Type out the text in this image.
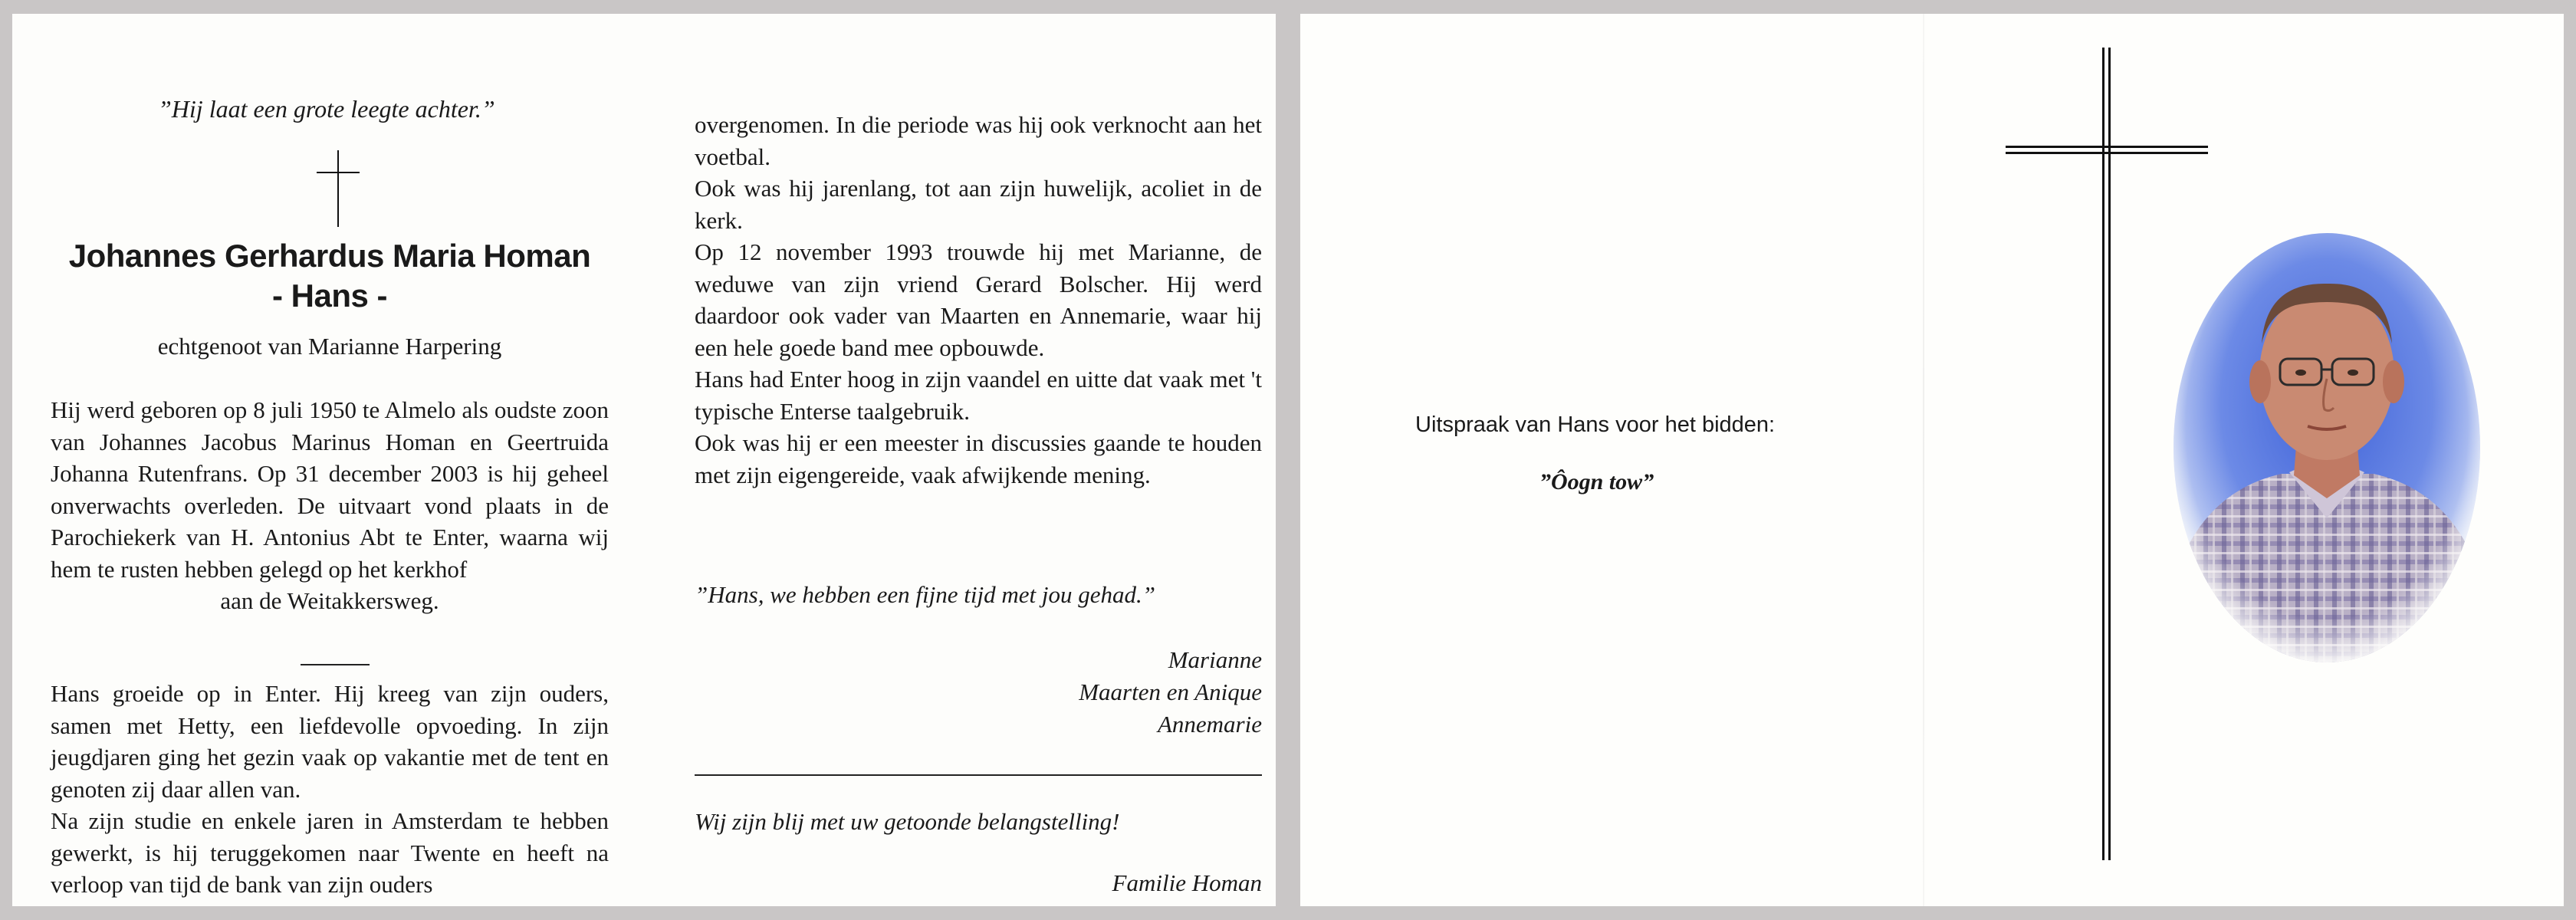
”Hij laat een grote leegte achter.”
Johannes Gerhardus Maria Homan
- Hans -
echtgenoot van Marianne Harpering

Hij werd geboren op 8 juli 1950 te Almelo als oudste zoon van Johannes Jacobus Marinus Homan en Geertruida Johanna Rutenfrans. Op 31 december 2003 is hij geheel onverwachts overleden. De uitvaart vond plaats in de Parochiekerk van H. Antonius Abt te Enter, waarna wij hem te rusten hebben gelegd op het kerkhof

aan de Weitakkersweg.

Hans groeide op in Enter. Hij kreeg van zijn ouders, samen met Hetty, een liefdevolle opvoeding. In zijn jeugdjaren ging het gezin vaak op vakantie met de tent en genoten zij daar allen van.

Na zijn studie en enkele jaren in Amsterdam te hebben gewerkt, is hij teruggekomen naar Twente en heeft na verloop van tijd de bank van zijn ouders

overgenomen. In die periode was hij ook verknocht aan het voetbal.

Ook was hij jarenlang, tot aan zijn huwelijk, acoliet in de kerk.

Op 12 november 1993 trouwde hij met Marianne, de weduwe van zijn vriend Gerard Bolscher. Hij werd daardoor ook vader van Maarten en Annemarie, waar hij een hele goede band mee opbouwde.

Hans had Enter hoog in zijn vaandel en uitte dat vaak met 't typische Enterse taalgebruik.

Ook was hij er een meester in discussies gaande te houden met zijn eigengereide, vaak afwijkende mening.

”Hans, we hebben een fijne tijd met jou gehad.”
Marianne
Maarten en Anique
Annemarie
Wij zijn blij met uw getoonde belangstelling!
Familie Homan
Uitspraak van Hans voor het bidden:
”Ôogn tow”
